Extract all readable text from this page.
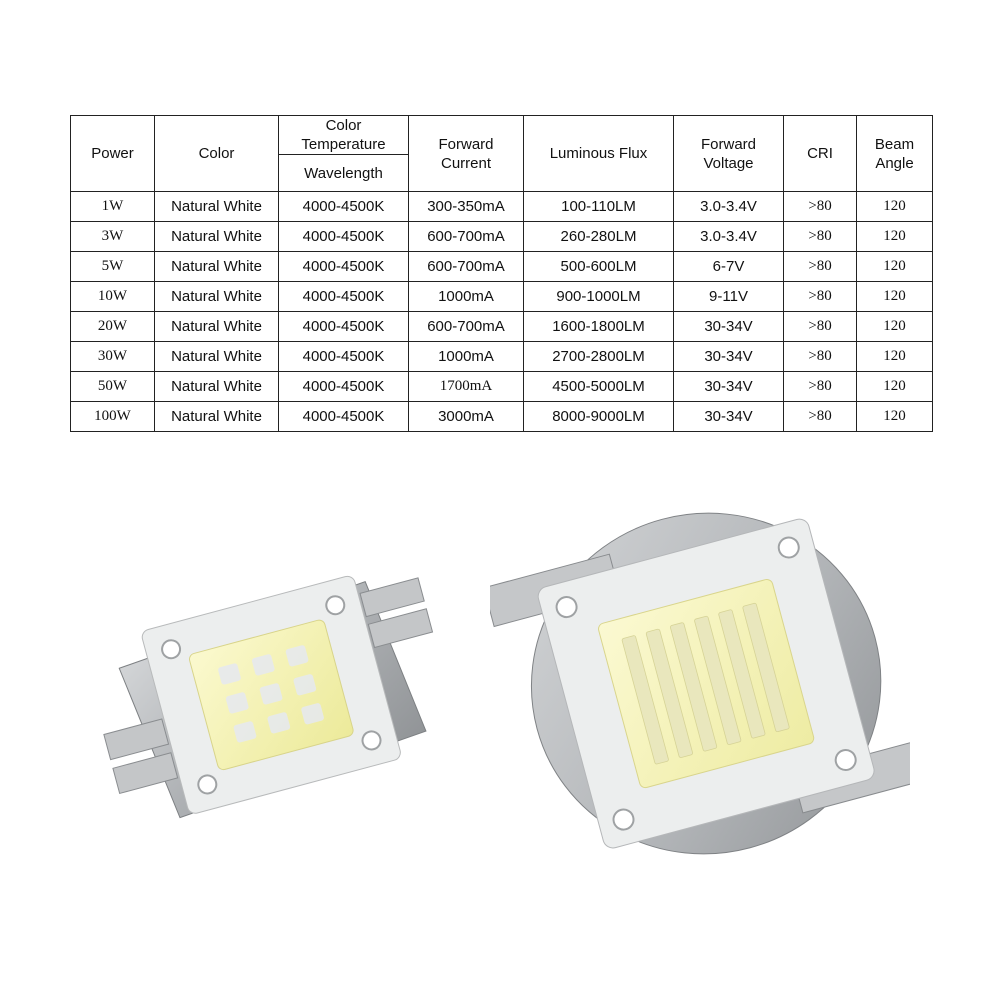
Power	Color	Color Temperature	Forward Current	Luminous Flux	Forward Voltage	CRI	Beam Angle
		Wavelength					
1W	Natural White	4000-4500K	300-350mA	100-110LM	3.0-3.4V	>80	120
3W	Natural White	4000-4500K	600-700mA	260-280LM	3.0-3.4V	>80	120
5W	Natural White	4000-4500K	600-700mA	500-600LM	6-7V	>80	120
10W	Natural White	4000-4500K	1000mA	900-1000LM	9-11V	>80	120
20W	Natural White	4000-4500K	600-700mA	1600-1800LM	30-34V	>80	120
30W	Natural White	4000-4500K	1000mA	2700-2800LM	30-34V	>80	120
50W	Natural White	4000-4500K	1700mA	4500-5000LM	30-34V	>80	120
100W	Natural White	4000-4500K	3000mA	8000-9000LM	30-34V	>80	120
